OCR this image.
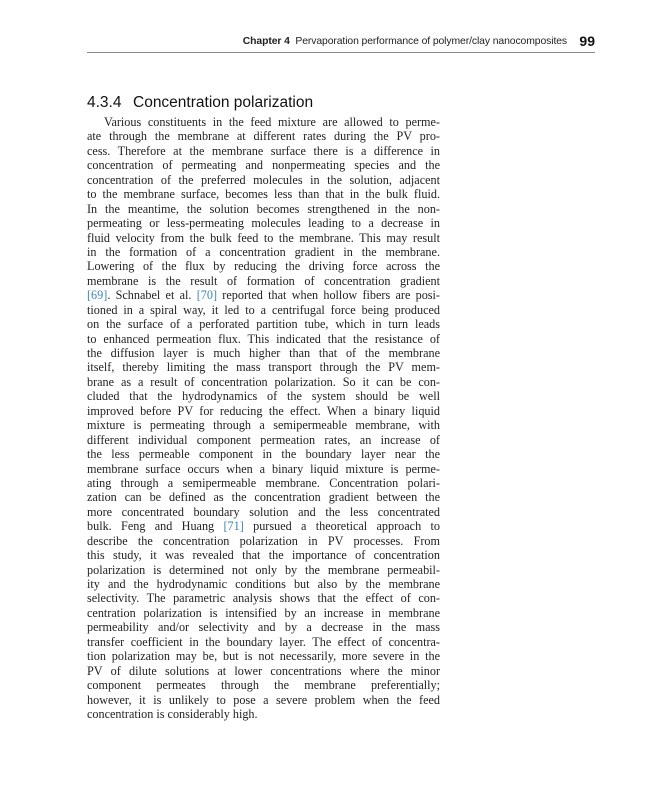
Chapter 4 Pervaporation performance of polymer/clay nanocomposites 99
4.3.4 Concentration polarization
Various constituents in the feed mixture are allowed to perme-
ate through the membrane at different rates during the PV pro-
cess. Therefore at the membrane surface there is a difference in
concentration of permeating and nonpermeating species and the
concentration of the preferred molecules in the solution, adjacent
to the membrane surface, becomes less than that in the bulk fluid.
In the meantime, the solution becomes strengthened in the non-
permeating or less-permeating molecules leading to a decrease in
fluid velocity from the bulk feed to the membrane. This may result
in the formation of a concentration gradient in the membrane.
Lowering of the flux by reducing the driving force across the
membrane is the result of formation of concentration gradient
[69]. Schnabel et al. [70] reported that when hollow fibers are posi-
tioned in a spiral way, it led to a centrifugal force being produced
on the surface of a perforated partition tube, which in turn leads
to enhanced permeation flux. This indicated that the resistance of
the diffusion layer is much higher than that of the membrane
itself, thereby limiting the mass transport through the PV mem-
brane as a result of concentration polarization. So it can be con-
cluded that the hydrodynamics of the system should be well
improved before PV for reducing the effect. When a binary liquid
mixture is permeating through a semipermeable membrane, with
different individual component permeation rates, an increase of
the less permeable component in the boundary layer near the
membrane surface occurs when a binary liquid mixture is perme-
ating through a semipermeable membrane. Concentration polari-
zation can be defined as the concentration gradient between the
more concentrated boundary solution and the less concentrated
bulk. Feng and Huang [71] pursued a theoretical approach to
describe the concentration polarization in PV processes. From
this study, it was revealed that the importance of concentration
polarization is determined not only by the membrane permeabil-
ity and the hydrodynamic conditions but also by the membrane
selectivity. The parametric analysis shows that the effect of con-
centration polarization is intensified by an increase in membrane
permeability and/or selectivity and by a decrease in the mass
transfer coefficient in the boundary layer. The effect of concentra-
tion polarization may be, but is not necessarily, more severe in the
PV of dilute solutions at lower concentrations where the minor
component permeates through the membrane preferentially;
however, it is unlikely to pose a severe problem when the feed
concentration is considerably high.
